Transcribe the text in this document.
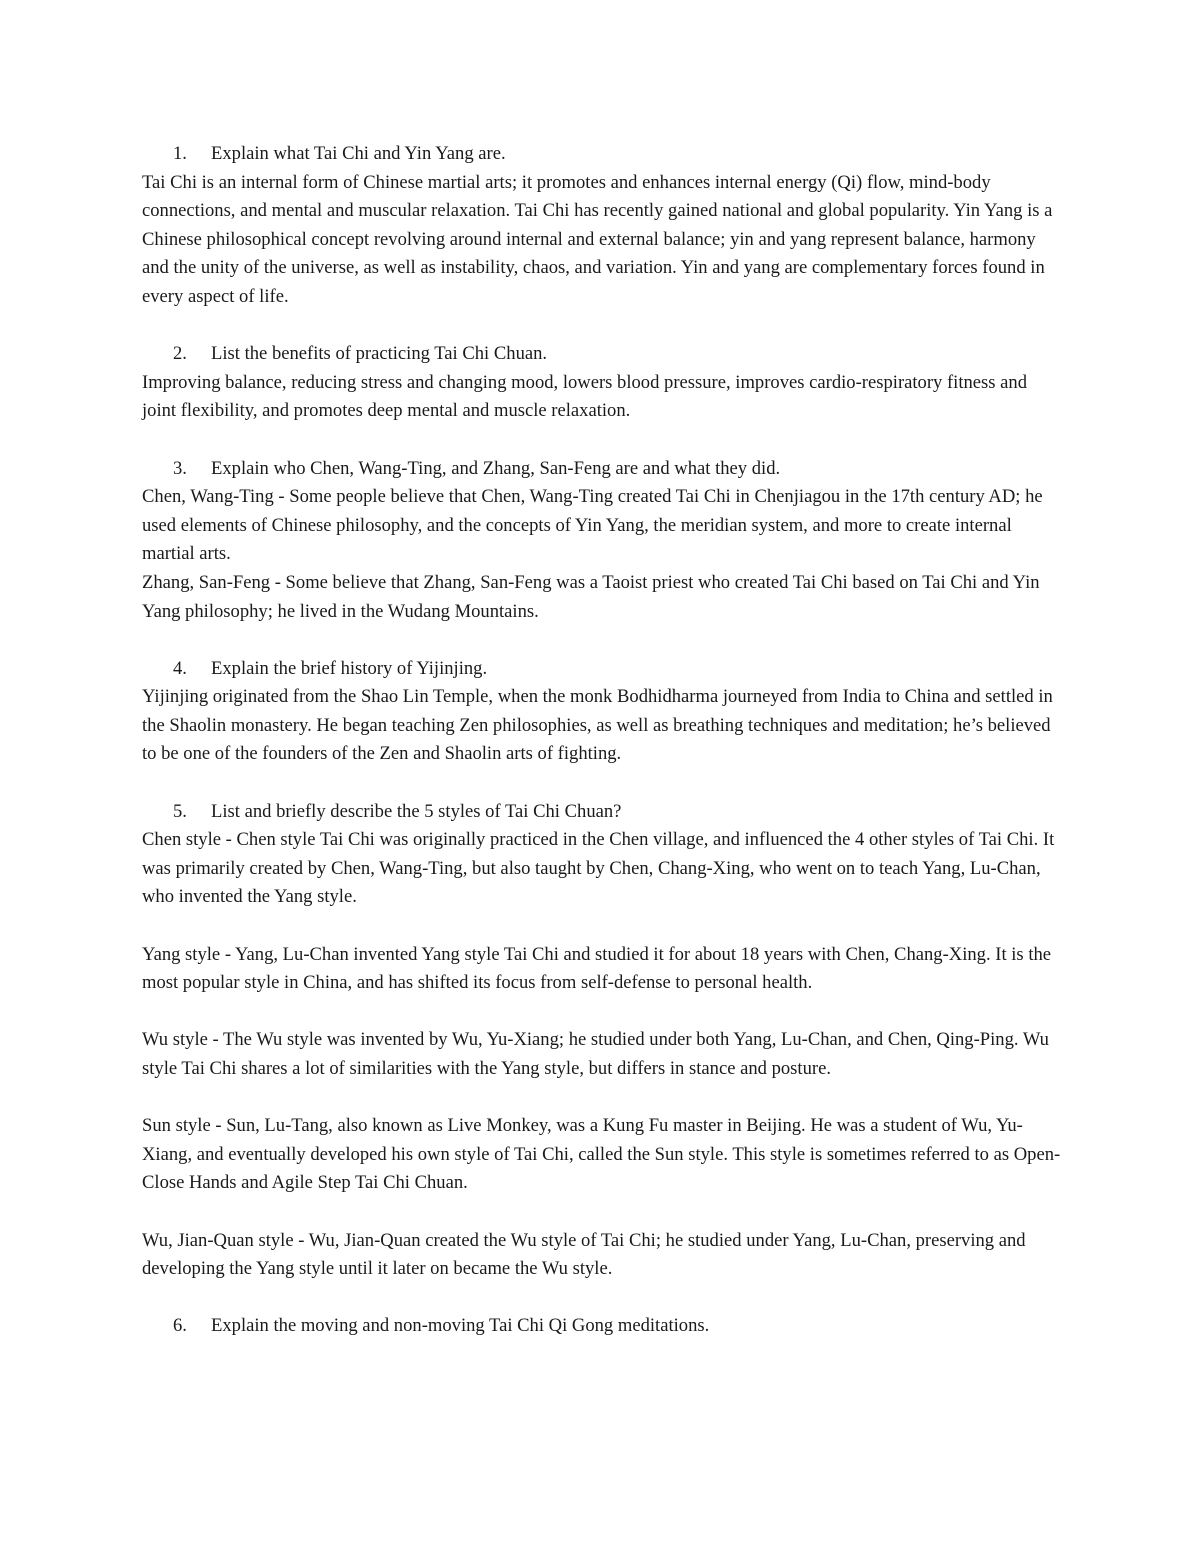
1.	Explain what Tai Chi and Yin Yang are.

Tai Chi is an internal form of Chinese martial arts; it promotes and enhances internal energy (Qi) flow, mind-body connections, and mental and muscular relaxation. Tai Chi has recently gained national and global popularity. Yin Yang is a Chinese philosophical concept revolving around internal and external balance; yin and yang represent balance, harmony and the unity of the universe, as well as instability, chaos, and variation. Yin and yang are complementary forces found in every aspect of life.

2.	List the benefits of practicing Tai Chi Chuan.

Improving balance, reducing stress and changing mood, lowers blood pressure, improves cardio-respiratory fitness and joint flexibility, and promotes deep mental and muscle relaxation.

3.	Explain who Chen, Wang-Ting, and Zhang, San-Feng are and what they did.

Chen, Wang-Ting - Some people believe that Chen, Wang-Ting created Tai Chi in Chenjiagou in the 17th century AD; he used elements of Chinese philosophy, and the concepts of Yin Yang, the meridian system, and more to create internal martial arts.

Zhang, San-Feng - Some believe that Zhang, San-Feng was a Taoist priest who created Tai Chi based on Tai Chi and Yin Yang philosophy; he lived in the Wudang Mountains.

4.	Explain the brief history of Yijinjing.

Yijinjing originated from the Shao Lin Temple, when the monk Bodhidharma journeyed from India to China and settled in the Shaolin monastery. He began teaching Zen philosophies, as well as breathing techniques and meditation; he’s believed to be one of the founders of the Zen and Shaolin arts of fighting.

5.	List and briefly describe the 5 styles of Tai Chi Chuan?

Chen style - Chen style Tai Chi was originally practiced in the Chen village, and influenced the 4 other styles of Tai Chi. It was primarily created by Chen, Wang-Ting, but also taught by Chen, Chang-Xing, who went on to teach Yang, Lu-Chan, who invented the Yang style.

Yang style - Yang, Lu-Chan invented Yang style Tai Chi and studied it for about 18 years with Chen, Chang-Xing. It is the most popular style in China, and has shifted its focus from self-defense to personal health.

Wu style - The Wu style was invented by Wu, Yu-Xiang; he studied under both Yang, Lu-Chan, and Chen, Qing-Ping. Wu style Tai Chi shares a lot of similarities with the Yang style, but differs in stance and posture.

Sun style - Sun, Lu-Tang, also known as Live Monkey, was a Kung Fu master in Beijing. He was a student of Wu, Yu-Xiang, and eventually developed his own style of Tai Chi, called the Sun style. This style is sometimes referred to as Open-Close Hands and Agile Step Tai Chi Chuan.

Wu, Jian-Quan style - Wu, Jian-Quan created the Wu style of Tai Chi; he studied under Yang, Lu-Chan, preserving and developing the Yang style until it later on became the Wu style.

6.	Explain the moving and non-moving Tai Chi Qi Gong meditations.
